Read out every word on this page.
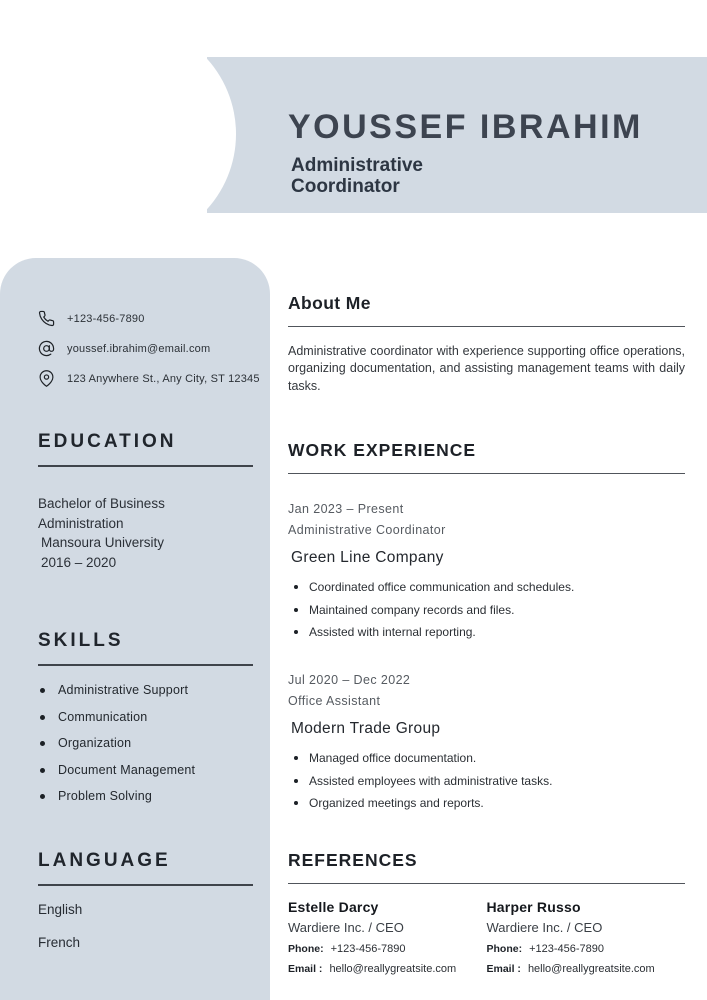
YOUSSEF IBRAHIM
Administrative Coordinator
+123-456-7890
youssef.ibrahim@email.com
123 Anywhere St., Any City, ST 12345
EDUCATION
Bachelor of Business Administration
Mansoura University
2016 – 2020
SKILLS
Administrative Support
Communication
Organization
Document Management
Problem Solving
LANGUAGE
English
French
About Me

Administrative coordinator with experience supporting office operations, organizing documentation, and assisting management teams with daily tasks.

WORK EXPERIENCE
Jan 2023 – Present
Administrative Coordinator
Green Line Company
Coordinated office communication and schedules.
Maintained company records and files.
Assisted with internal reporting.
Jul 2020 – Dec 2022
Office Assistant
Modern Trade Group
Managed office documentation.
Assisted employees with administrative tasks.
Organized meetings and reports.
REFERENCES
Estelle Darcy
Wardiere Inc. / CEO
Phone: +123-456-7890
Email : hello@reallygreatsite.com
Harper Russo
Wardiere Inc. / CEO
Phone: +123-456-7890
Email : hello@reallygreatsite.com
